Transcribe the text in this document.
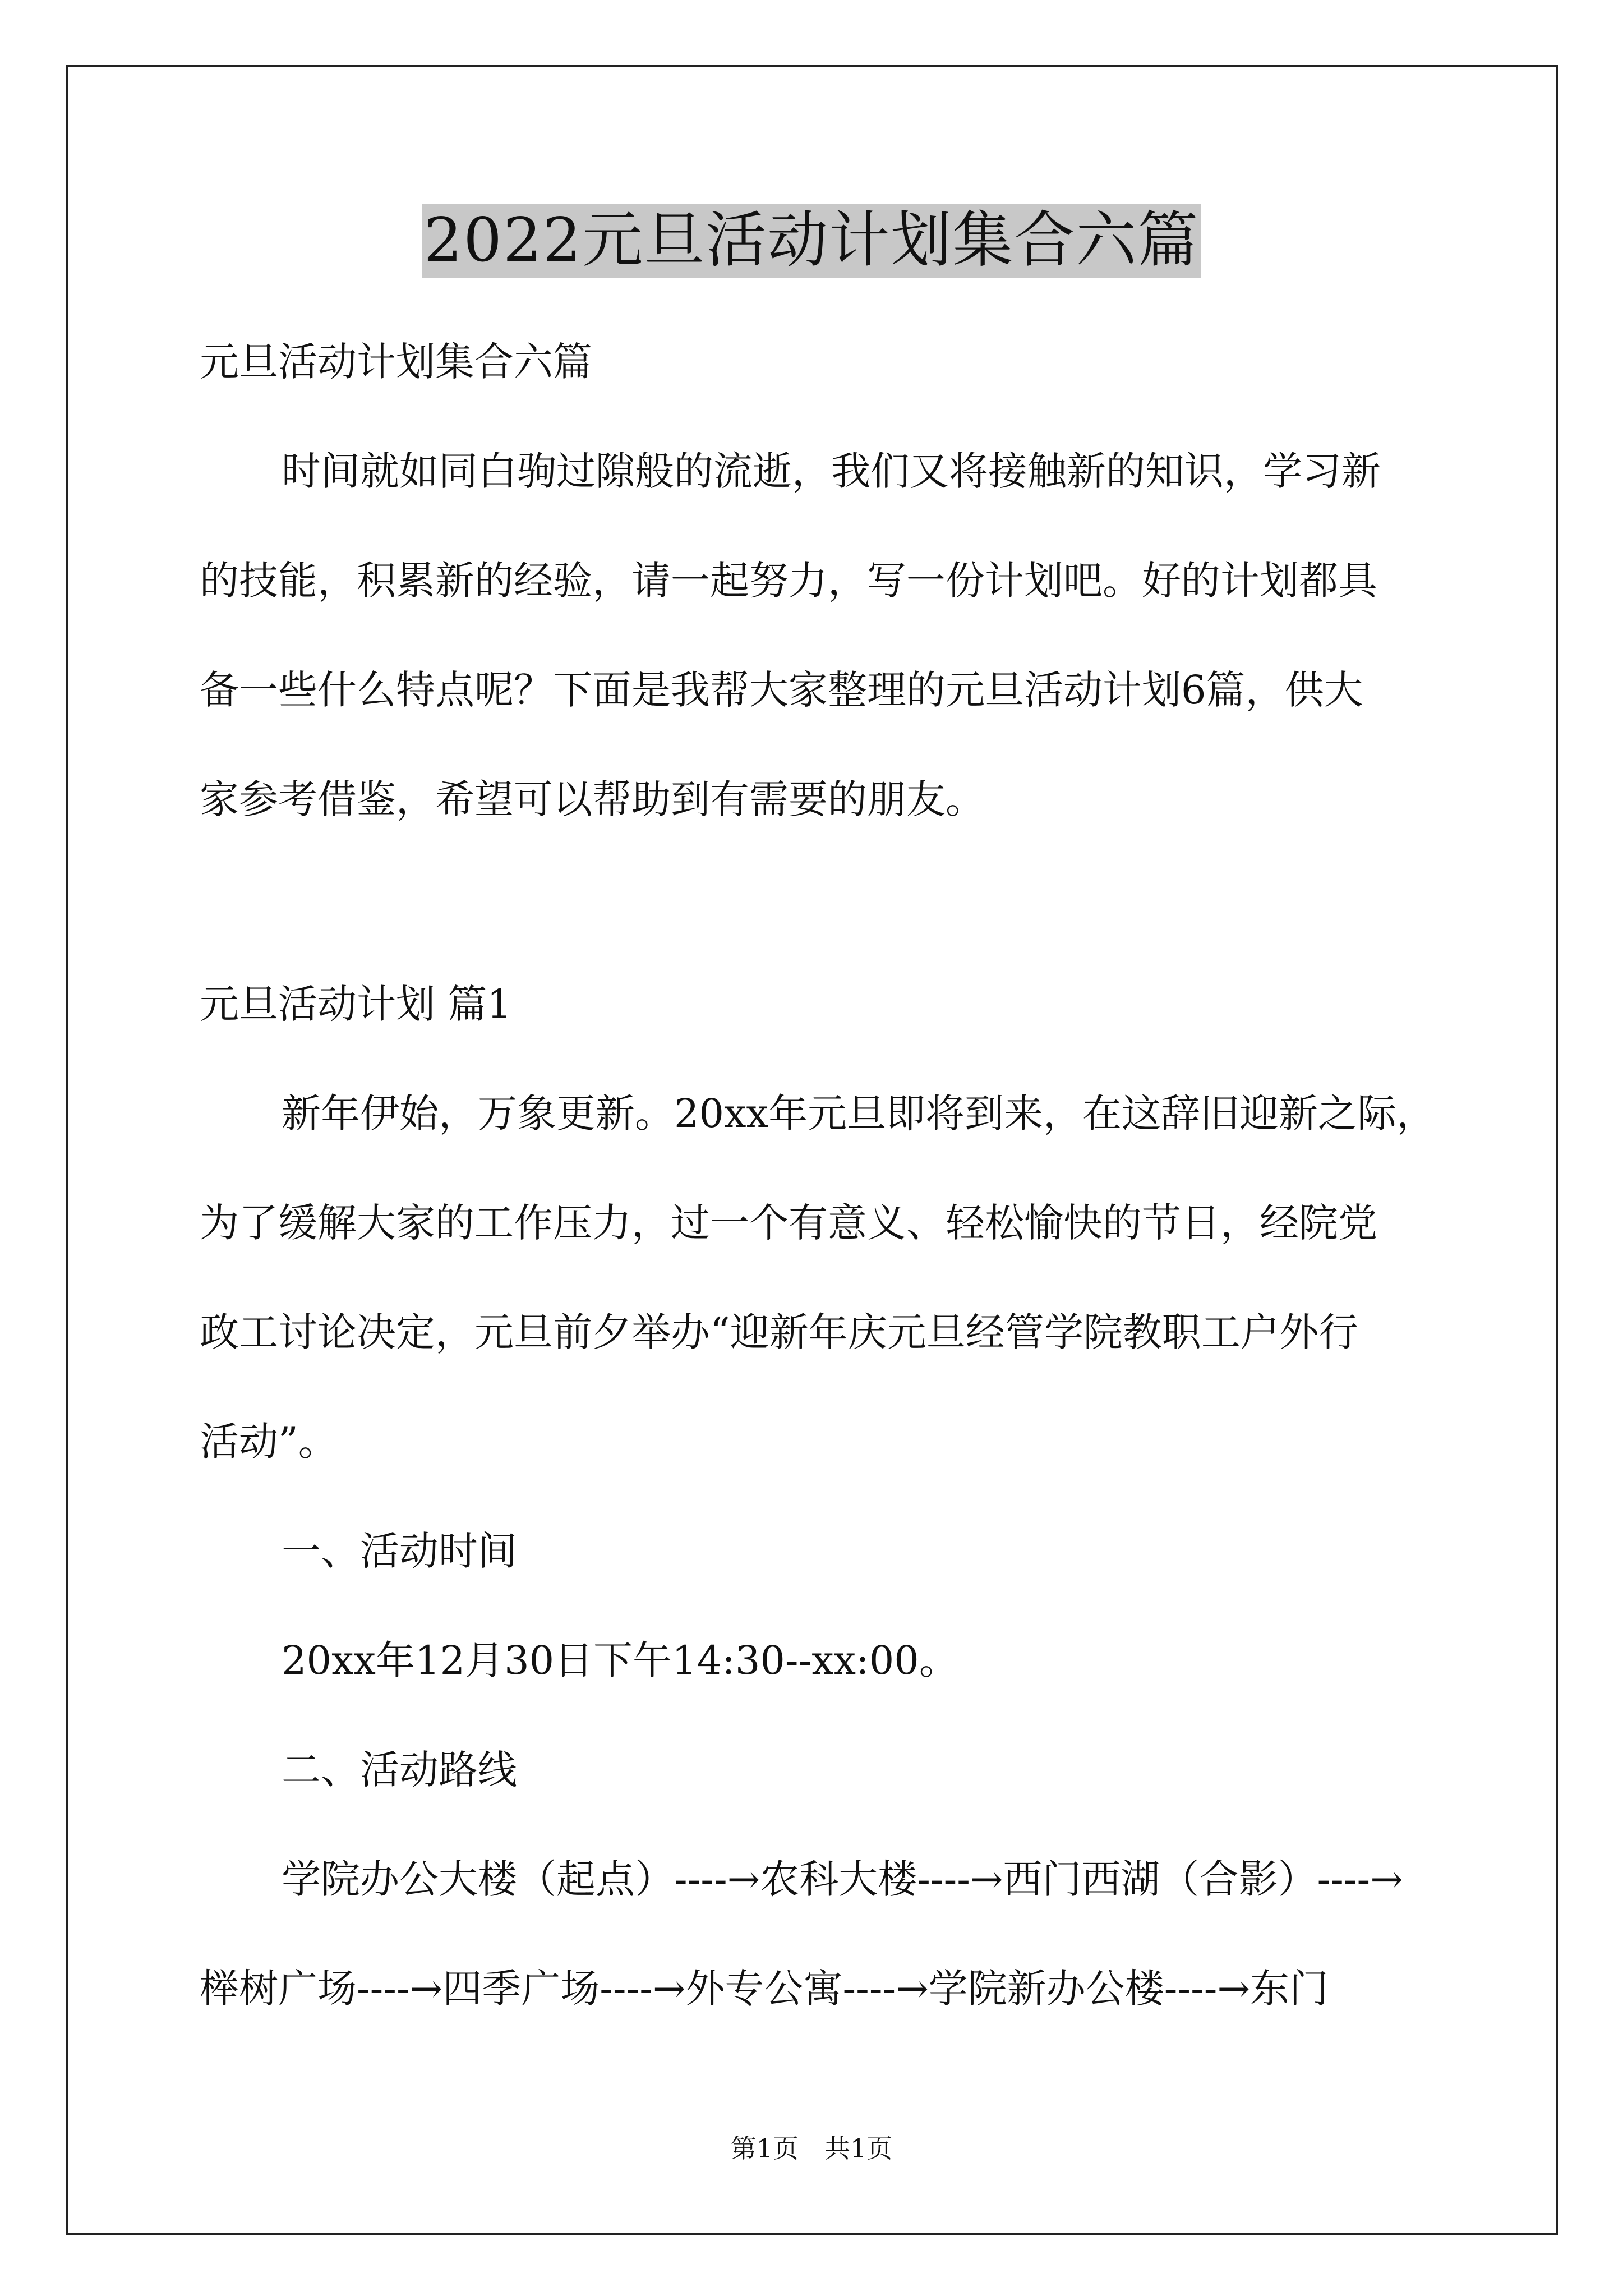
2022元旦活动计划集合六篇
元旦活动计划集合六篇
时间就如同白驹过隙般的流逝，我们又将接触新的知识，学习新
的技能，积累新的经验，请一起努力，写一份计划吧。好的计划都具
备一些什么特点呢？下面是我帮大家整理的元旦活动计划6篇，供大
家参考借鉴，希望可以帮助到有需要的朋友。
元旦活动计划 篇1
新年伊始，万象更新。20xx年元旦即将到来，在这辞旧迎新之际，
为了缓解大家的工作压力，过一个有意义、轻松愉快的节日，经院党
政工讨论决定，元旦前夕举办“迎新年庆元旦经管学院教职工户外行
活动”。
一、活动时间
20xx年12月30日下午14:30--xx:00。
二、活动路线
学院办公大楼（起点）----→农科大楼----→西门西湖（合影）----→
榉树广场----→四季广场----→外专公寓----→学院新办公楼----→东门
第1页　共1页
